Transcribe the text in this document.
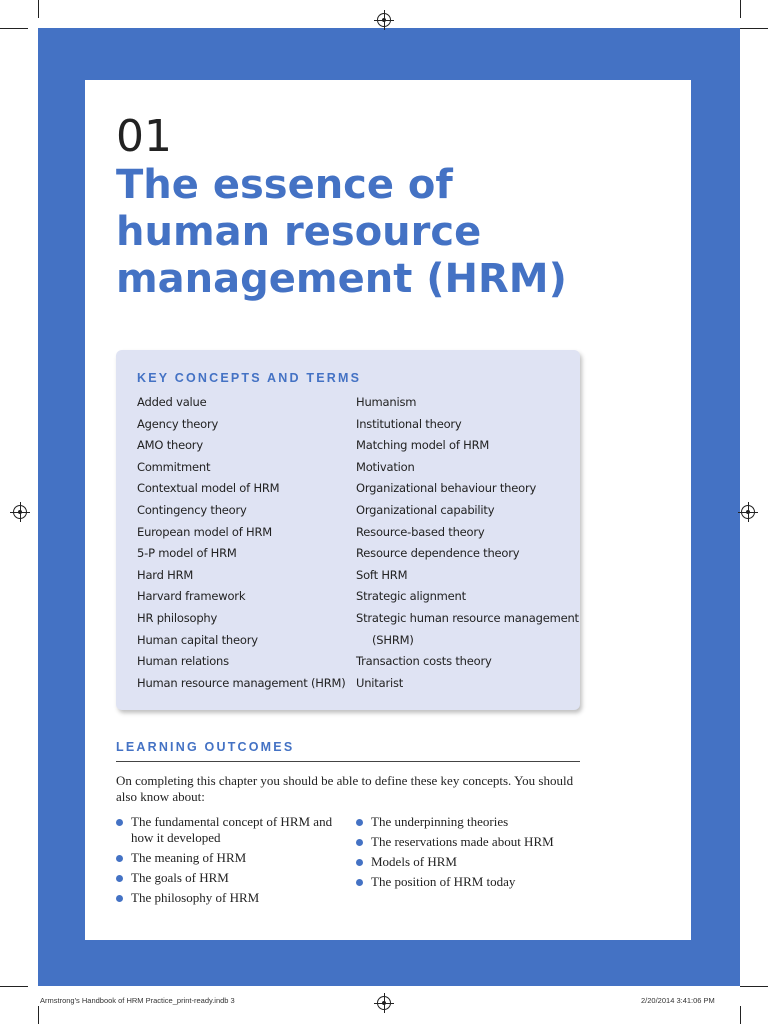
01
The essence of
human resource
management (HRM)
KEY CONCEPTS AND TERMS
Added value
Agency theory
AMO theory
Commitment
Contextual model of HRM
Contingency theory
European model of HRM
5-P model of HRM
Hard HRM
Harvard framework
HR philosophy
Human capital theory
Human relations
Human resource management (HRM)
Humanism
Institutional theory
Matching model of HRM
Motivation
Organizational behaviour theory
Organizational capability
Resource-based theory
Resource dependence theory
Soft HRM
Strategic alignment
Strategic human resource management
(SHRM)
Transaction costs theory
Unitarist
LEARNING OUTCOMES

On completing this chapter you should be able to define these key concepts. You should also know about:

The fundamental concept of HRM and how it developed
The meaning of HRM
The goals of HRM
The philosophy of HRM
The underpinning theories
The reservations made about HRM
Models of HRM
The position of HRM today
Armstrong's Handbook of HRM Practice_print-ready.indb 3	2/20/2014 3:41:06 PM
